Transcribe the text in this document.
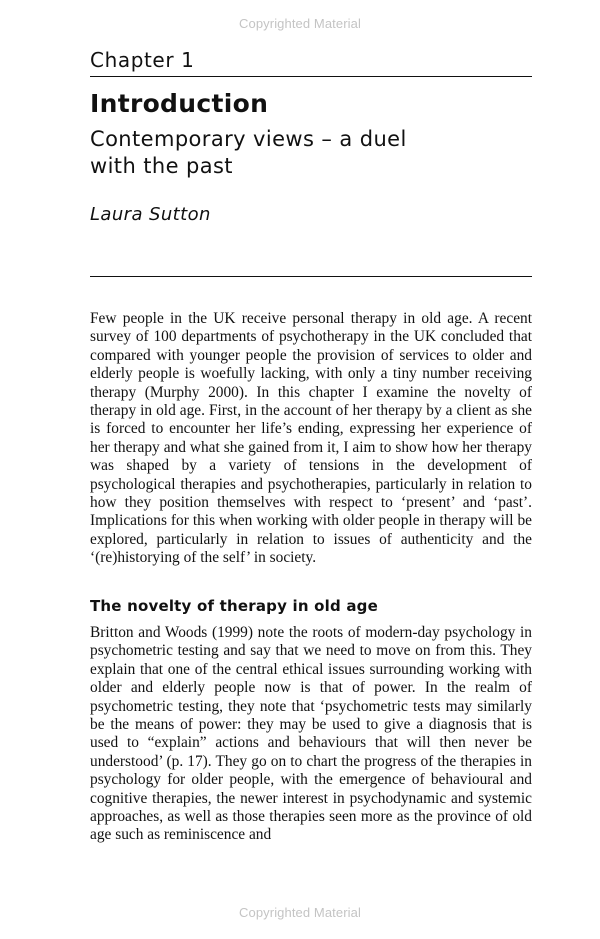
Copyrighted Material
Chapter 1
Introduction
Contemporary views – a duel
with the past
Laura Sutton

Few people in the UK receive personal therapy in old age. A recent survey of 100 departments of psychotherapy in the UK concluded that compared with younger people the provision of services to older and elderly people is woefully lacking, with only a tiny number receiving therapy (Murphy 2000). In this chapter I examine the novelty of therapy in old age. First, in the account of her therapy by a client as she is forced to encounter her life’s ending, expressing her experience of her therapy and what she gained from it, I aim to show how her therapy was shaped by a variety of tensions in the development of psychological therapies and psychotherapies, particularly in relation to how they position themselves with respect to ‘present’ and ‘past’. Implications for this when working with older people in therapy will be explored, particularly in relation to issues of authenticity and the ‘(re)historying of the self’ in society.

The novelty of therapy in old age

Britton and Woods (1999) note the roots of modern-day psychology in psychometric testing and say that we need to move on from this. They explain that one of the central ethical issues surrounding working with older and elderly people now is that of power. In the realm of psychometric testing, they note that ‘psychometric tests may similarly be the means of power: they may be used to give a diagnosis that is used to “explain” actions and behaviours that will then never be understood’ (p. 17). They go on to chart the progress of the therapies in psychology for older people, with the emergence of behavioural and cognitive therapies, the newer interest in psychodynamic and systemic approaches, as well as those therapies seen more as the province of old age such as reminiscence and

Copyrighted Material
